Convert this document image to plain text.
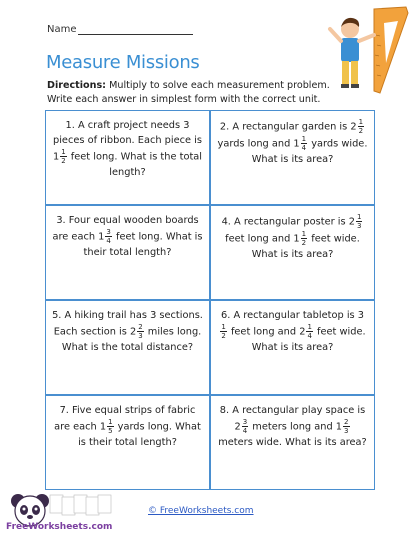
Name
Measure Missions
Directions: Multiply to solve each measurement problem. Write each answer in simplest form with the correct unit.
1. A craft project needs 3 pieces of ribbon. Each piece is $1 \frac{1}{2}$ feet long. What is the total length?
2. A rectangular garden is $2 \frac{1}{2}$
yards long and $1 \frac{1}{4}$ yards wide. What is its area?
3. Four equal wooden boards are each $1 \frac{3}{4}$ feet long. What is their total length?
4. A rectangular poster is $2 \frac{1}{3}$
feet long and $1 \frac{1}{2}$ feet wide. What is its area?
5. A hiking trail has 3 sections. Each section is $2 \frac{2}{3}$ miles long. What is the total distance?
6. A rectangular tabletop is 3
$\frac{1}{2}$ feet long and $2 \frac{1}{4}$ feet wide. What is its area?
7. Five equal strips of fabric are each $1 \frac{1}{5}$ yards long. What is their total length?
8. A rectangular play space is $2 \frac{3}{4}$ meters long and $1 \frac{2}{3}$
meters wide. What is its area?
FreeWorksheets.com
© FreeWorksheets.com
